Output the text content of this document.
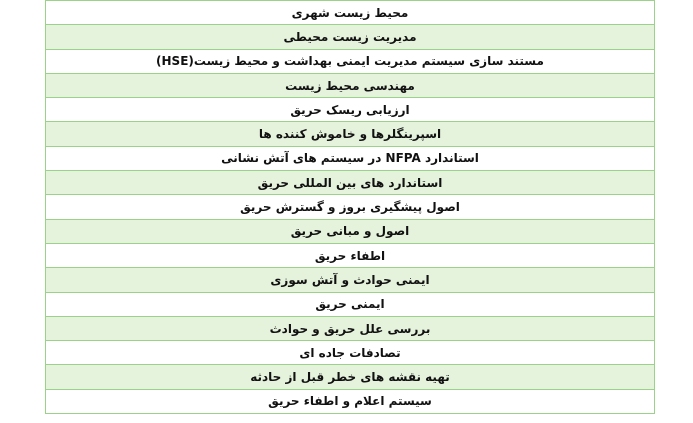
محیط زیست شهری
مدیریت زیست محیطی
مستند سازی سیستم مدیریت ایمنی بهداشت و محیط زیست(HSE)
مهندسی محیط زیست
ارزیابی ریسک حریق
اسپرینگلرها و خاموش کننده ها
استاندارد NFPA در سیستم های آتش نشانی
استاندارد های بین المللی حریق
اصول پیشگیری بروز و گسترش حریق
اصول و مبانی حریق
اطفاء حریق
ایمنی حوادث و آتش سوزی
ایمنی حریق
بررسی علل حریق و حوادث
تصادفات جاده ای
تهیه نقشه های خطر قبل از حادثه
سیستم اعلام و اطفاء حریق
